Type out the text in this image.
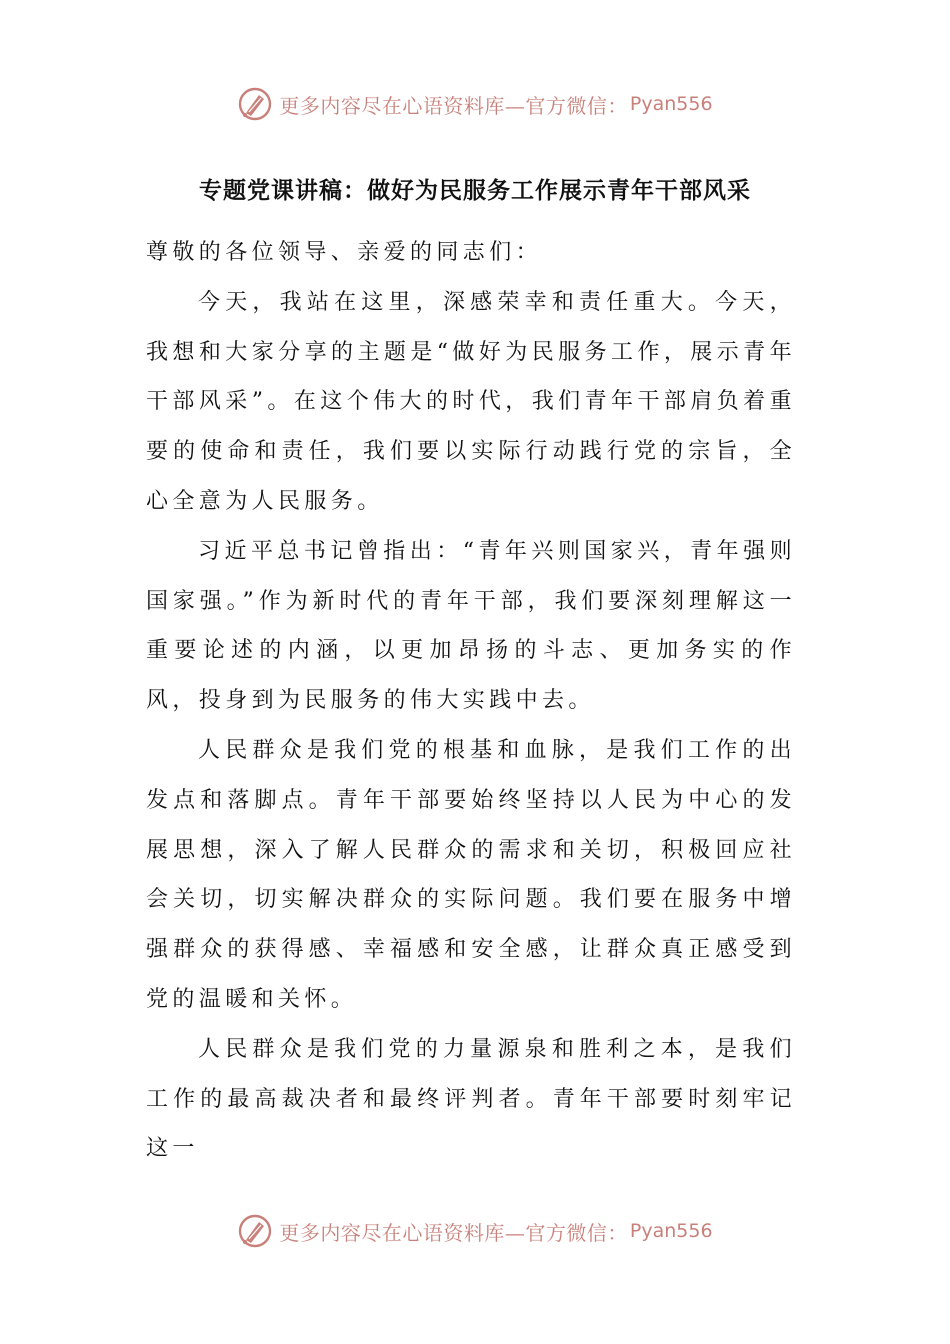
更多内容尽在心语资料库—官方微信： Pyan556
专题党课讲稿：做好为民服务工作展示青年干部风采

尊敬的各位领导、亲爱的同志们：

今天，我站在这里，深感荣幸和责任重大。今天，我想和大家分享的主题是“做好为民服务工作，展示青年干部风采”。在这个伟大的时代，我们青年干部肩负着重要的使命和责任，我们要以实际行动践行党的宗旨，全心全意为人民服务。

习近平总书记曾指出：“青年兴则国家兴，青年强则国家强。”作为新时代的青年干部，我们要深刻理解这一重要论述的内涵，以更加昂扬的斗志、更加务实的作风，投身到为民服务的伟大实践中去。

人民群众是我们党的根基和血脉，是我们工作的出发点和落脚点。青年干部要始终坚持以人民为中心的发展思想，深入了解人民群众的需求和关切，积极回应社会关切，切实解决群众的实际问题。我们要在服务中增强群众的获得感、幸福感和安全感，让群众真正感受到党的温暖和关怀。

人民群众是我们党的力量源泉和胜利之本，是我们工作的最高裁决者和最终评判者。青年干部要时刻牢记这一

更多内容尽在心语资料库—官方微信： Pyan556
